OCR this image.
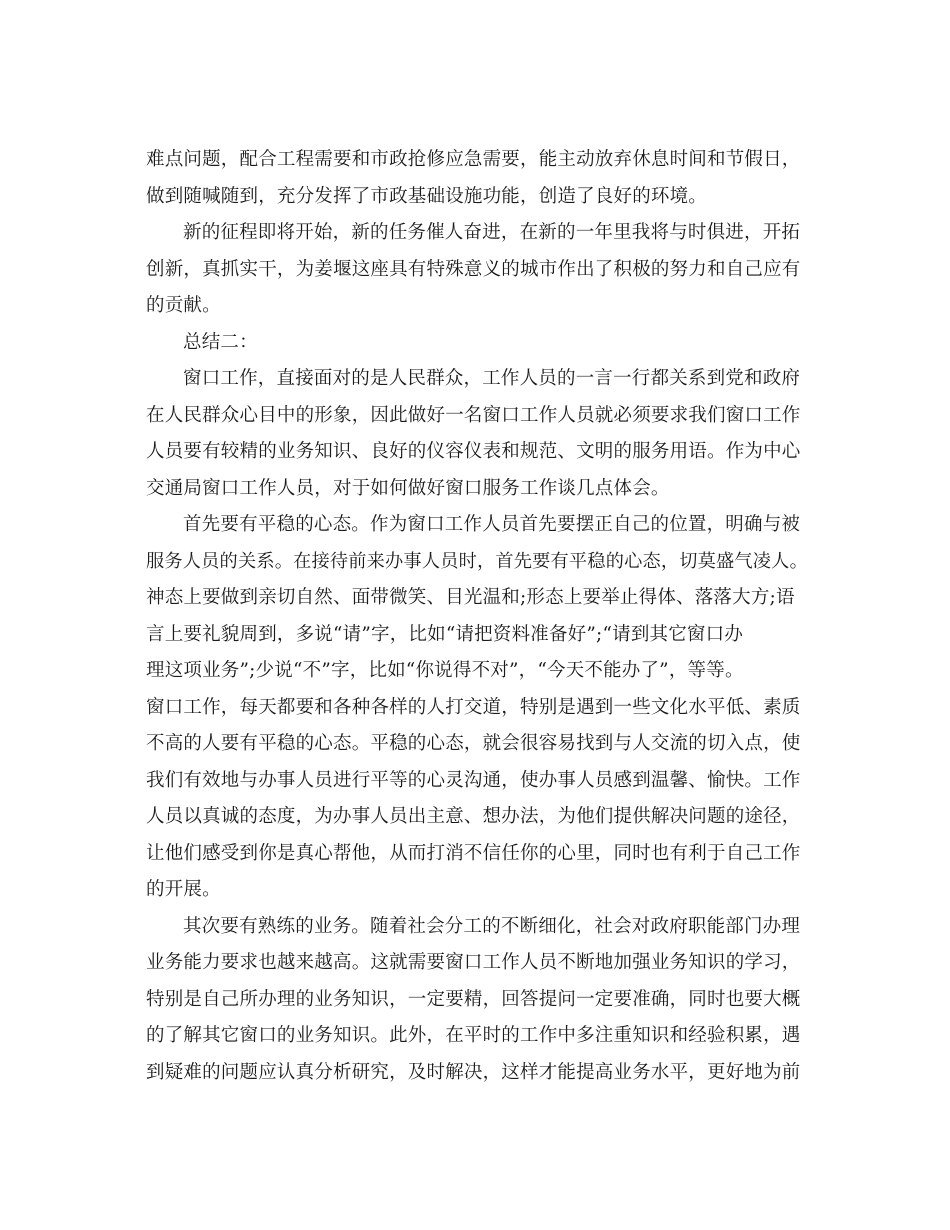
难点问题，配合工程需要和市政抢修应急需要，能主动放弃休息时间和节假日，
做到随喊随到，充分发挥了市政基础设施功能，创造了良好的环境。
新的征程即将开始，新的任务催人奋进，在新的一年里我将与时俱进，开拓
创新，真抓实干，为姜堰这座具有特殊意义的城市作出了积极的努力和自己应有
的贡献。
总结二：
窗口工作，直接面对的是人民群众，工作人员的一言一行都关系到党和政府
在人民群众心目中的形象，因此做好一名窗口工作人员就必须要求我们窗口工作
人员要有较精的业务知识、良好的仪容仪表和规范、文明的服务用语。作为中心
交通局窗口工作人员，对于如何做好窗口服务工作谈几点体会。
首先要有平稳的心态。作为窗口工作人员首先要摆正自己的位置，明确与被
服务人员的关系。在接待前来办事人员时，首先要有平稳的心态，切莫盛气凌人。
神态上要做到亲切自然、面带微笑、目光温和;形态上要举止得体、落落大方;语
言上要礼貌周到，多说“请”字，比如“请把资料准备好”;“请到其它窗口办
理这项业务”;少说“不”字，比如“你说得不对”，“今天不能办了”，等等。
窗口工作，每天都要和各种各样的人打交道，特别是遇到一些文化水平低、素质
不高的人要有平稳的心态。平稳的心态，就会很容易找到与人交流的切入点，使
我们有效地与办事人员进行平等的心灵沟通，使办事人员感到温馨、愉快。工作
人员以真诚的态度，为办事人员出主意、想办法，为他们提供解决问题的途径，
让他们感受到你是真心帮他，从而打消不信任你的心里，同时也有利于自己工作
的开展。
其次要有熟练的业务。随着社会分工的不断细化，社会对政府职能部门办理
业务能力要求也越来越高。这就需要窗口工作人员不断地加强业务知识的学习，
特别是自己所办理的业务知识，一定要精，回答提问一定要准确，同时也要大概
的了解其它窗口的业务知识。此外，在平时的工作中多注重知识和经验积累，遇
到疑难的问题应认真分析研究，及时解决，这样才能提高业务水平，更好地为前
